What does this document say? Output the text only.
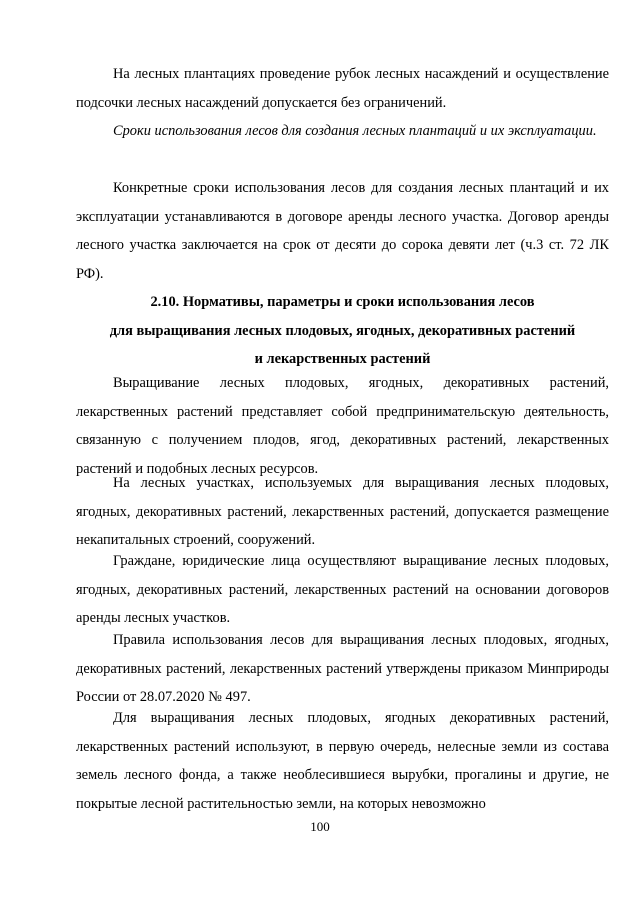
На лесных плантациях проведение рубок лесных насаждений и осуществление подсочки лесных насаждений допускается без ограничений.

Сроки использования лесов для создания лесных плантаций и их эксплуатации.

Конкретные сроки использования лесов для создания лесных плантаций и их эксплуатации устанавливаются в договоре аренды лесного участка. Договор аренды лесного участка заключается на срок от десяти до сорока девяти лет (ч.3 ст. 72 ЛК РФ).

2.10. Нормативы, параметры и сроки использования лесов
для выращивания лесных плодовых, ягодных, декоративных растений
и лекарственных растений

Выращивание лесных плодовых, ягодных, декоративных растений, лекарственных растений представляет собой предпринимательскую деятельность, связанную с получением плодов, ягод, декоративных растений, лекарственных растений и подобных лесных ресурсов.

На лесных участках, используемых для выращивания лесных плодовых, ягодных, декоративных растений, лекарственных растений, допускается размещение некапитальных строений, сооружений.

Граждане, юридические лица осуществляют выращивание лесных плодовых, ягодных, декоративных растений, лекарственных растений на основании договоров аренды лесных участков.

Правила использования лесов для выращивания лесных плодовых, ягодных, декоративных растений, лекарственных растений утверждены приказом Минприроды России от 28.07.2020 № 497.

Для выращивания лесных плодовых, ягодных декоративных растений, лекарственных растений используют, в первую очередь, нелесные земли из состава земель лесного фонда, а также необлесившиеся вырубки, прогалины и другие, не покрытые лесной растительностью земли, на которых невозможно

100
